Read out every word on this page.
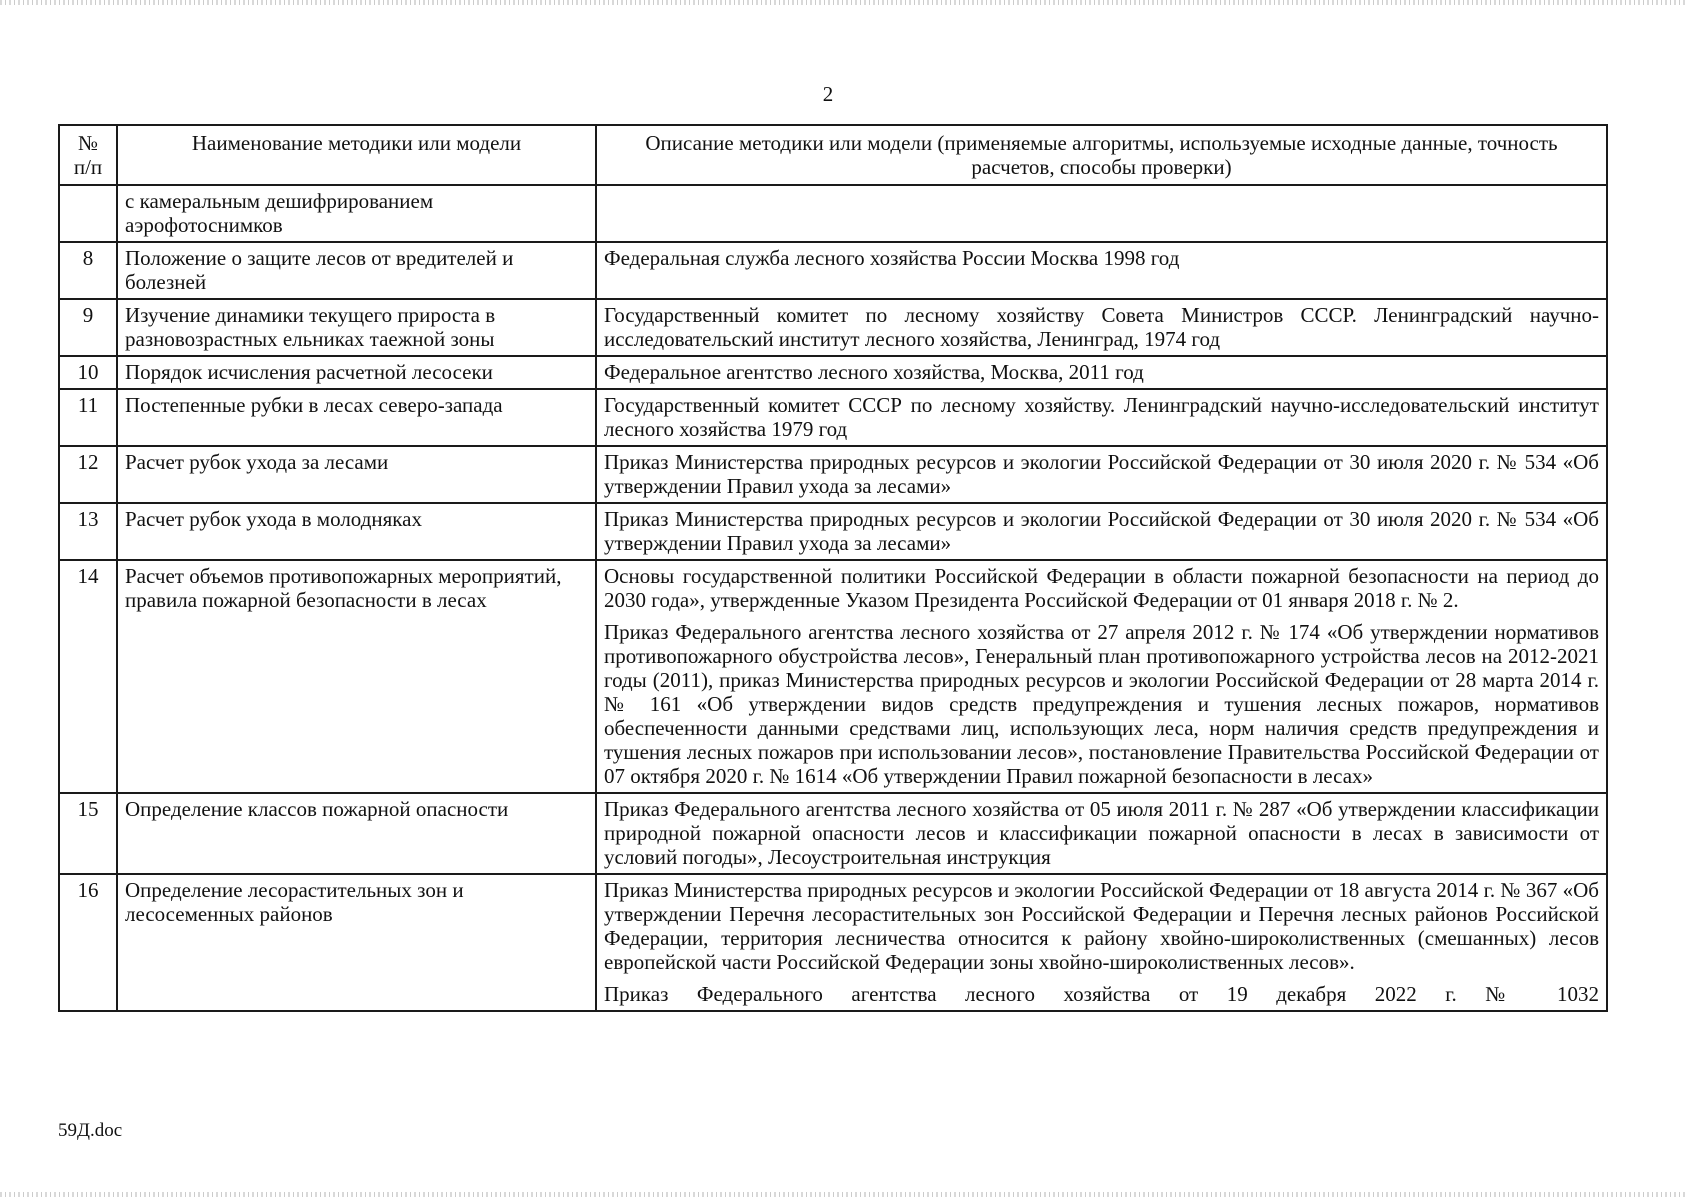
2
№ п/п	Наименование методики или модели	Описание методики или модели (применяемые алгоритмы, используемые исходные данные, точность расчетов, способы проверки)
	с камеральным дешифрированием аэрофотоснимков	

8	Положение о защите лесов от вредителей и болезней	Федеральная служба лесного хозяйства России Москва 1998 год

9	Изучение динамики текущего прироста в разновозрастных ельниках таежной зоны	Государственный комитет по лесному хозяйству Совета Министров СССР. Ленинградский научно-исследовательский институт лесного хозяйства, Ленинград, 1974 год

10	Порядок исчисления расчетной лесосеки	Федеральное агентство лесного хозяйства, Москва, 2011 год

11	Постепенные рубки в лесах северо-запада	Государственный комитет СССР по лесному хозяйству. Ленинградский научно-исследовательский институт лесного хозяйства 1979 год

12	Расчет рубок ухода за лесами	Приказ Министерства природных ресурсов и экологии Российской Федерации от 30 июля 2020 г. № 534 «Об утверждении Правил ухода за лесами»

13	Расчет рубок ухода в молодняках	Приказ Министерства природных ресурсов и экологии Российской Федерации от 30 июля 2020 г. № 534 «Об утверждении Правил ухода за лесами»

14	Расчет объемов противопожарных мероприятий, правила пожарной безопасности в лесах	Основы государственной политики Российской Федерации в области пожарной безопасности на период до 2030 года», утвержденные Указом Президента Российской Федерации от 01 января 2018 г. № 2.

Приказ Федерального агентства лесного хозяйства от 27 апреля 2012 г. № 174 «Об утверждении нормативов противопожарного обустройства лесов», Генеральный план противопожарного устройства лесов на 2012-2021 годы (2011), приказ Министерства природных ресурсов и экологии Российской Федерации от 28 марта 2014 г. № 161 «Об утверждении видов средств предупреждения и тушения лесных пожаров, нормативов обеспеченности данными средствами лиц, использующих леса, норм наличия средств предупреждения и тушения лесных пожаров при использовании лесов», постановление Правительства Российской Федерации от 07 октября 2020 г. № 1614 «Об утверждении Правил пожарной безопасности в лесах»

15	Определение классов пожарной опасности	Приказ Федерального агентства лесного хозяйства от 05 июля 2011 г. № 287 «Об утверждении классификации природной пожарной опасности лесов и классификации пожарной опасности в лесах в зависимости от условий погоды», Лесоустроительная инструкция

16	Определение лесорастительных зон и лесосеменных районов	Приказ Министерства природных ресурсов и экологии Российской Федерации от 18 августа 2014 г. № 367 «Об утверждении Перечня лесорастительных зон Российской Федерации и Перечня лесных районов Российской Федерации, территория лесничества относится к району хвойно-широколиственных (смешанных) лесов европейской части Российской Федерации зоны хвойно-широколиственных лесов».

Приказ Федерального агентства лесного хозяйства от 19 декабря 2022 г. № 1032

59Д.doc
